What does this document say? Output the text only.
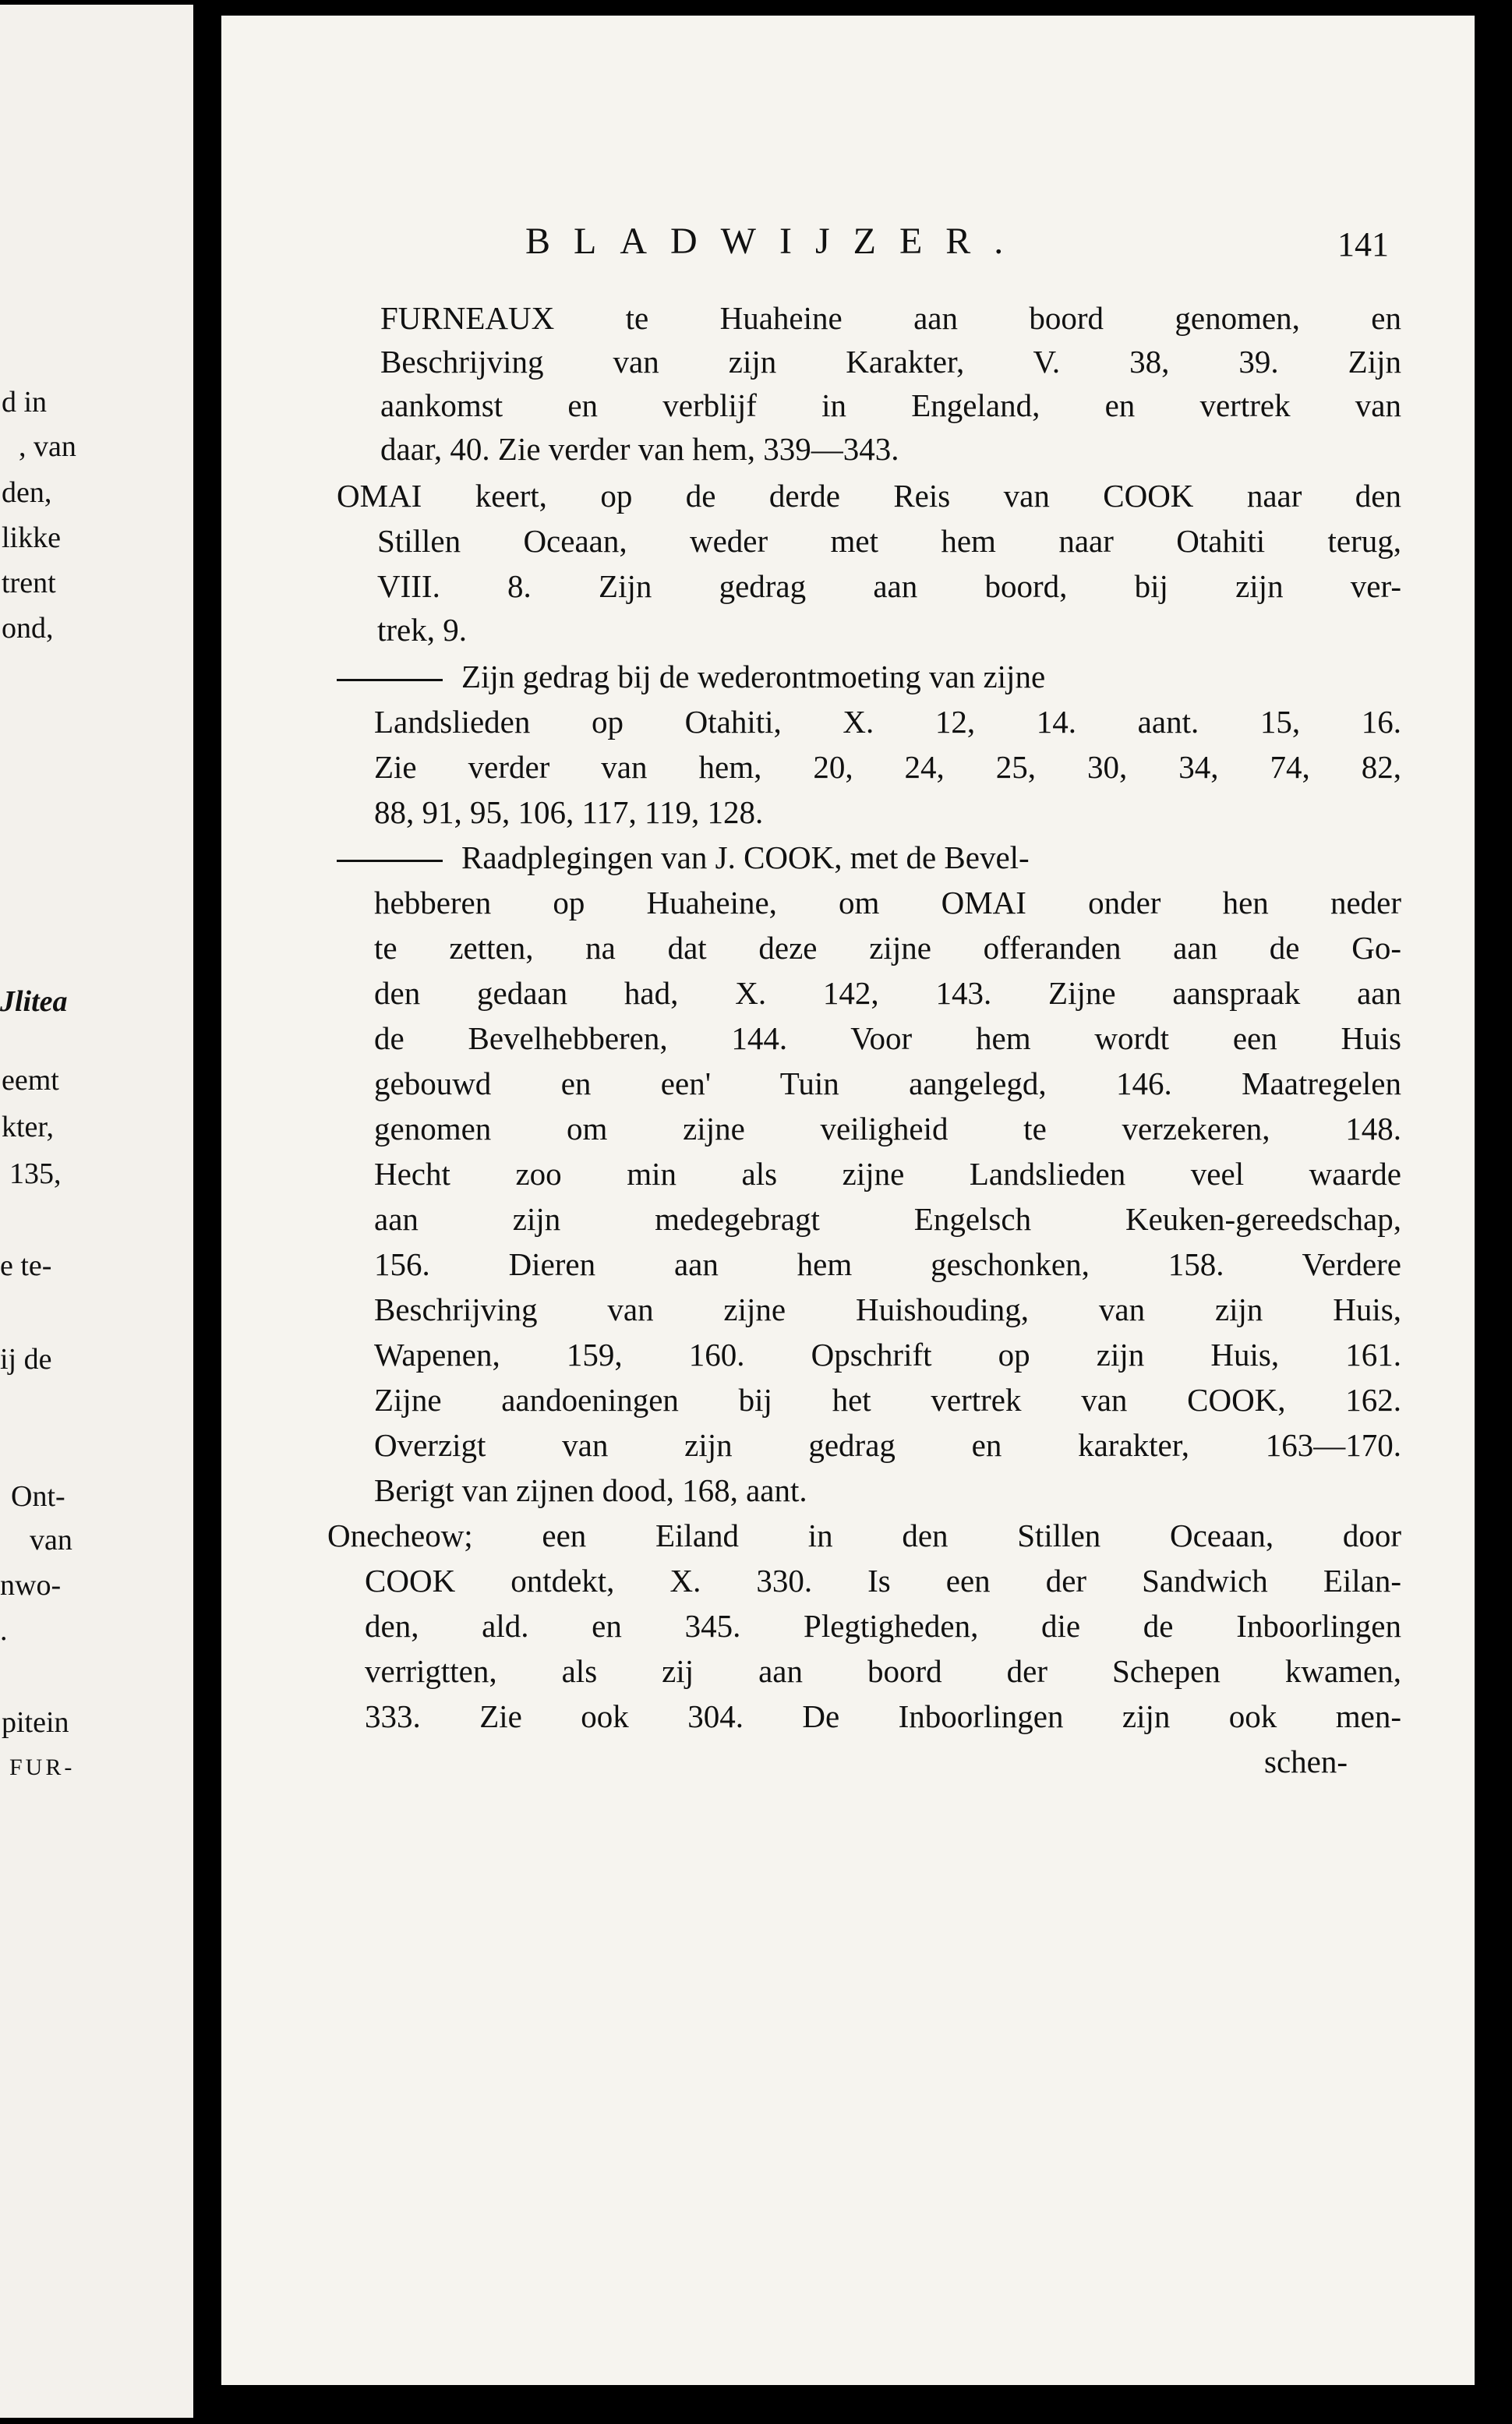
d in
, van
den,
likke
trent
ond,
Jlitea
eemt
kter,
135,
e te-
ij de
Ont-
van
nwo-
.
pitein
FUR-
BLADWIJZER.	141
FURNEAUX te Huaheine aan boord genomen, en
Beschrijving van zijn Karakter, V. 38, 39. Zijn
aankomst en verblijf in Engeland, en vertrek van
daar, 40. Zie verder van hem, 339—343.
OMAI keert, op de derde Reis van COOK naar den
Stillen Oceaan, weder met hem naar Otahiti terug,
VIII. 8. Zijn gedrag aan boord, bij zijn ver-
trek, 9.
Zijn gedrag bij de wederontmoeting van zijne
Landslieden op Otahiti, X. 12, 14. aant. 15, 16.
Zie verder van hem, 20, 24, 25, 30, 34, 74, 82,
88, 91, 95, 106, 117, 119, 128.
Raadplegingen van J. COOK, met de Bevel-
hebberen op Huaheine, om OMAI onder hen neder
te zetten, na dat deze zijne offeranden aan de Go-
den gedaan had, X. 142, 143. Zijne aanspraak aan
de Bevelhebberen, 144. Voor hem wordt een Huis
gebouwd en een' Tuin aangelegd, 146. Maatregelen
genomen om zijne veiligheid te verzekeren, 148.
Hecht zoo min als zijne Landslieden veel waarde
aan zijn medegebragt Engelsch Keuken-gereedschap,
156. Dieren aan hem geschonken, 158. Verdere
Beschrijving van zijne Huishouding, van zijn Huis,
Wapenen, 159, 160. Opschrift op zijn Huis, 161.
Zijne aandoeningen bij het vertrek van COOK, 162.
Overzigt van zijn gedrag en karakter, 163—170.
Berigt van zijnen dood, 168, aant.
Onecheow; een Eiland in den Stillen Oceaan, door
COOK ontdekt, X. 330. Is een der Sandwich Eilan-
den, ald. en 345. Plegtigheden, die de Inboorlingen
verrigtten, als zij aan boord der Schepen kwamen,
333. Zie ook 304. De Inboorlingen zijn ook men-
schen-
